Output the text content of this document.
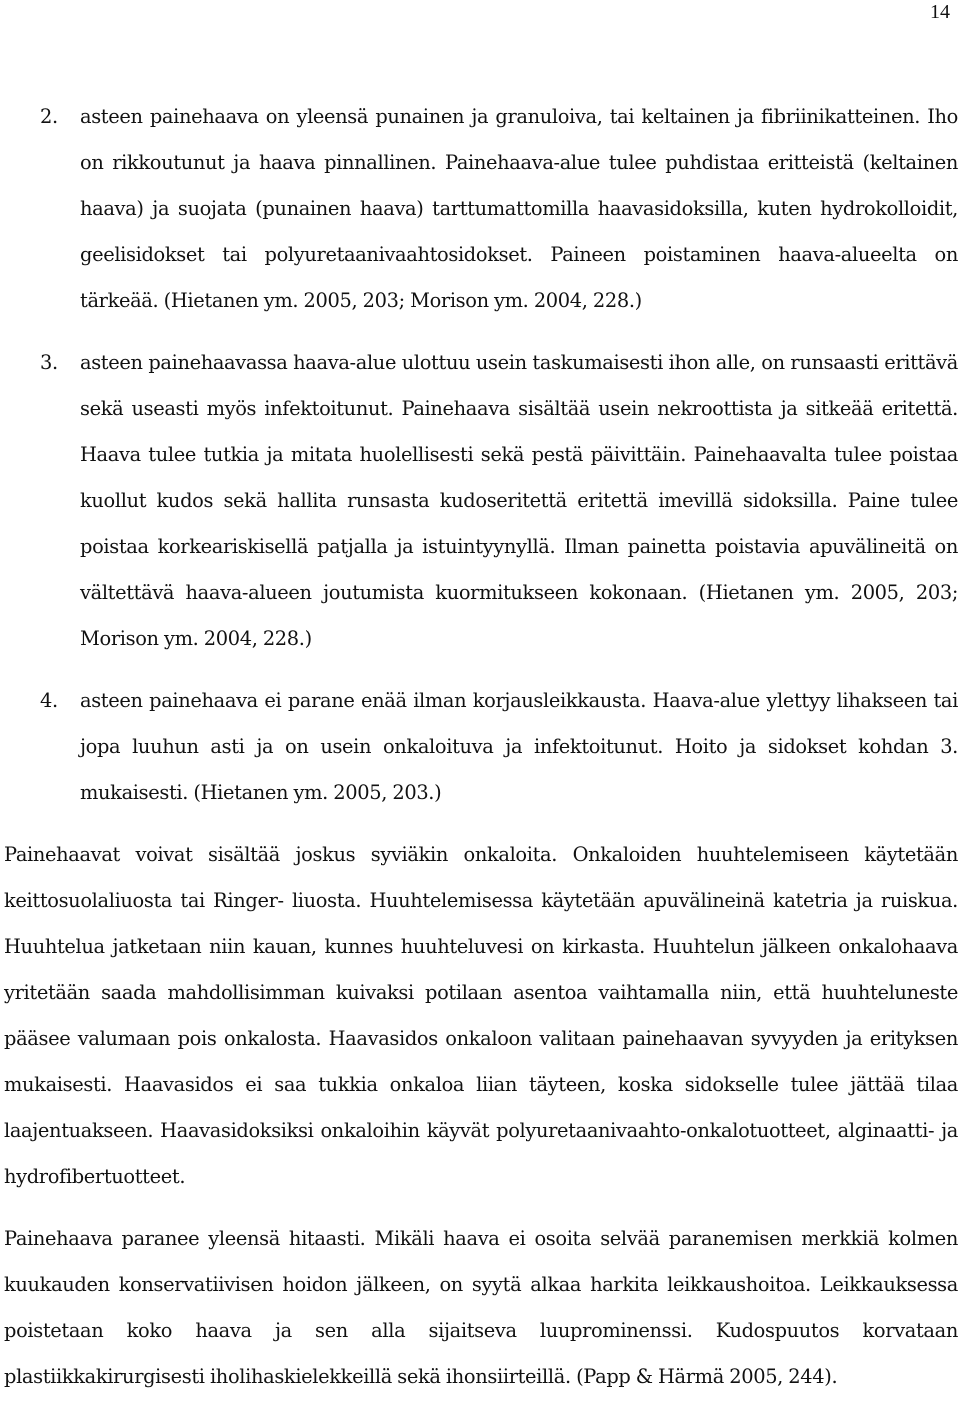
14
2. asteen painehaava on yleensä punainen ja granuloiva, tai keltainen ja fibriinikatteinen. Iho on rikkoutunut ja haava pinnallinen. Painehaava-alue tulee puhdistaa eritteistä (keltainen haava) ja suojata (punainen haava) tarttumattomilla haavasidoksilla, kuten hydrokolloidit, geelisidokset tai polyuretaanivaahtosidokset. Paineen poistaminen haava-alueelta on tärkeää. (Hietanen ym. 2005, 203; Morison ym. 2004, 228.)
3. asteen painehaavassa haava-alue ulottuu usein taskumaisesti ihon alle, on runsaasti erittävä sekä useasti myös infektoitunut. Painehaava sisältää usein nekroottista ja sitkeää eritettä. Haava tulee tutkia ja mitata huolellisesti sekä pestä päivittäin. Painehaavalta tulee poistaa kuollut kudos sekä hallita runsasta kudoseritettä eritettä imevillä sidoksilla. Paine tulee poistaa korkeariskisellä patjalla ja istuintyynyllä. Ilman painetta poistavia apuvälineitä on vältettävä haava-alueen joutumista kuormitukseen kokonaan. (Hietanen ym. 2005, 203; Morison ym. 2004, 228.)
4. asteen painehaava ei parane enää ilman korjausleikkausta. Haava-alue ylettyy lihakseen tai jopa luuhun asti ja on usein onkaloituva ja infektoitunut. Hoito ja sidokset kohdan 3. mukaisesti. (Hietanen ym. 2005, 203.)

Painehaavat voivat sisältää joskus syviäkin onkaloita. Onkaloiden huuhtelemiseen käytetään keittosuolaliuosta tai Ringer- liuosta. Huuhtelemisessa käytetään apuvälineinä katetria ja ruiskua. Huuhtelua jatketaan niin kauan, kunnes huuhteluvesi on kirkasta. Huuhtelun jälkeen onkalohaava yritetään saada mahdollisimman kuivaksi potilaan asentoa vaihtamalla niin, että huuhteluneste pääsee valumaan pois onkalosta. Haavasidos onkaloon valitaan painehaavan syvyyden ja erityksen mukaisesti. Haavasidos ei saa tukkia onkaloa liian täyteen, koska sidokselle tulee jättää tilaa laajentuakseen. Haavasidoksiksi onkaloihin käyvät polyuretaanivaahto-onkalotuotteet, alginaatti- ja hydrofibertuotteet.

Painehaava paranee yleensä hitaasti. Mikäli haava ei osoita selvää paranemisen merkkiä kolmen kuukauden konservatiivisen hoidon jälkeen, on syytä alkaa harkita leikkaushoitoa. Leikkauksessa poistetaan koko haava ja sen alla sijaitseva luuprominenssi. Kudospuutos korvataan plastiikkakirurgisesti iholihaskielekkeillä sekä ihonsiirteillä. (Papp & Härmä 2005, 244).
